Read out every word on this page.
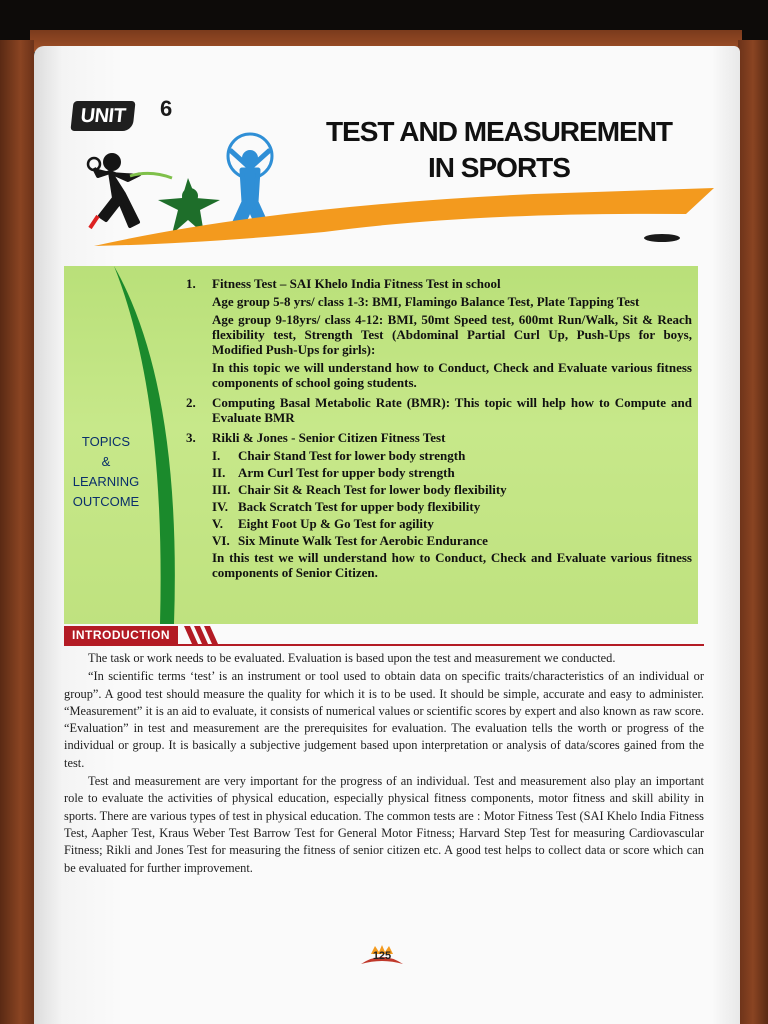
UNIT	6
TEST AND MEASUREMENT
IN SPORTS
TOPICS
&
LEARNING
OUTCOME
1.	Fitness Test – SAI Khelo India Fitness Test in school

Age group 5-8 yrs/ class 1-3: BMI, Flamingo Balance Test, Plate Tapping Test

Age group 9-18yrs/ class 4-12: BMI, 50mt Speed test, 600mt Run/Walk, Sit & Reach flexibility test, Strength Test (Abdominal Partial Curl Up, Push-Ups for boys, Modified Push-Ups for girls):

In this topic we will understand how to Conduct, Check and Evaluate various fitness components of school going students.

2.	Computing Basal Metabolic Rate (BMR): This topic will help how to Compute and Evaluate BMR

3.	Rikli & Jones - Senior Citizen Fitness Test

I.	Chair Stand Test for lower body strength
II. Arm Curl Test for upper body strength
III. Chair Sit & Reach Test for lower body flexibility
IV. Back Scratch Test for upper body flexibility
V.	Eight Foot Up & Go Test for agility
VI. Six Minute Walk Test for Aerobic Endurance

In this test we will understand how to Conduct, Check and Evaluate various fitness components of Senior Citizen.

INTRODUCTION

The task or work needs to be evaluated. Evaluation is based upon the test and measurement we conducted.

“In scientific terms ‘test’ is an instrument or tool used to obtain data on specific traits/characteristics of an individual or group”. A good test should measure the quality for which it is to be used. It should be simple, accurate and easy to administer. “Measurement” it is an aid to evaluate, it consists of numerical values or scientific scores by expert and also known as raw score. “Evaluation” in test and measurement are the prerequisites for evaluation. The evaluation tells the worth or progress of the individual or group. It is basically a subjective judgement based upon interpretation or analysis of data/scores gained from the test.

Test and measurement are very important for the progress of an individual. Test and measurement also play an important role to evaluate the activities of physical education, especially physical fitness components, motor fitness and skill ability in sports. There are various types of test in physical education. The common tests are : Motor Fitness Test (SAI Khelo India Fitness Test, Aapher Test, Kraus Weber Test Barrow Test for General Motor Fitness; Harvard Step Test for measuring Cardiovascular Fitness; Rikli and Jones Test for measuring the fitness of senior citizen etc. A good test helps to collect data or score which can be evaluated for further improvement.

125
